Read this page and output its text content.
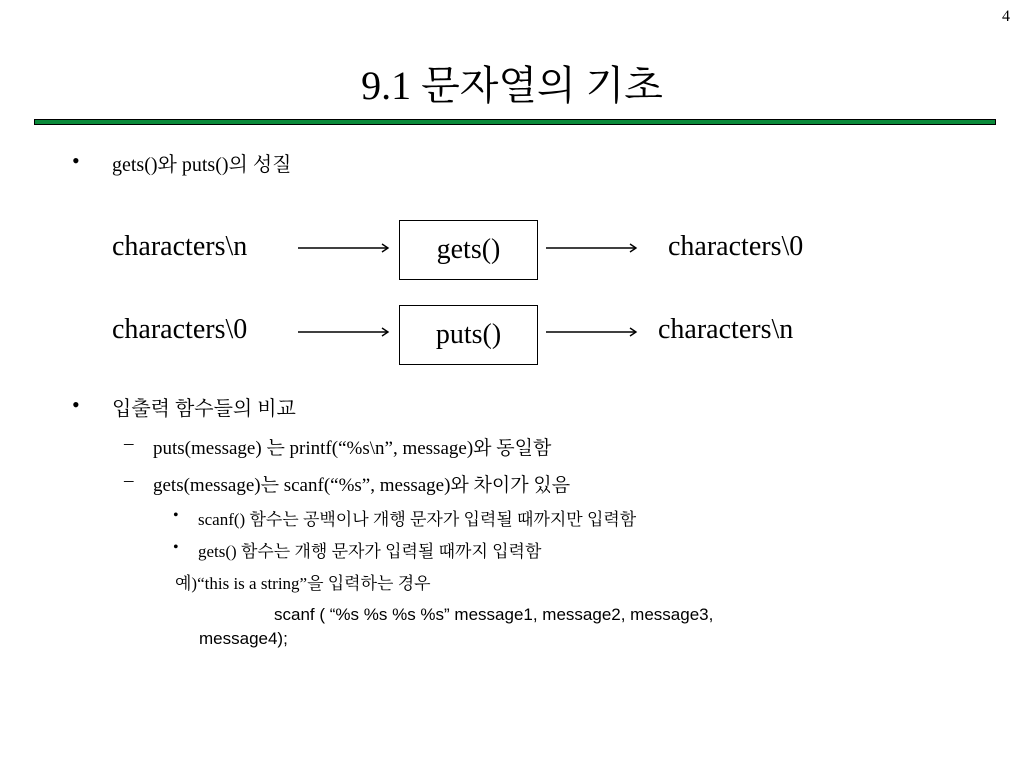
4
9.1 문자열의 기초
• gets()와 puts()의 성질
characters\n	gets()	characters\0
characters\0	puts()	characters\n
• 입출력 함수들의 비교
– puts(message) 는 printf(“%s\n”, message)와 동일함
– gets(message)는 scanf(“%s”, message)와 차이가 있음
• scanf() 함수는 공백이나 개행 문자가 입력될 때까지만 입력함
• gets() 함수는 개행 문자가 입력될 때까지 입력함
예)“this is a string”을 입력하는 경우
scanf ( “%s %s %s %s” message1, message2, message3,
message4);
